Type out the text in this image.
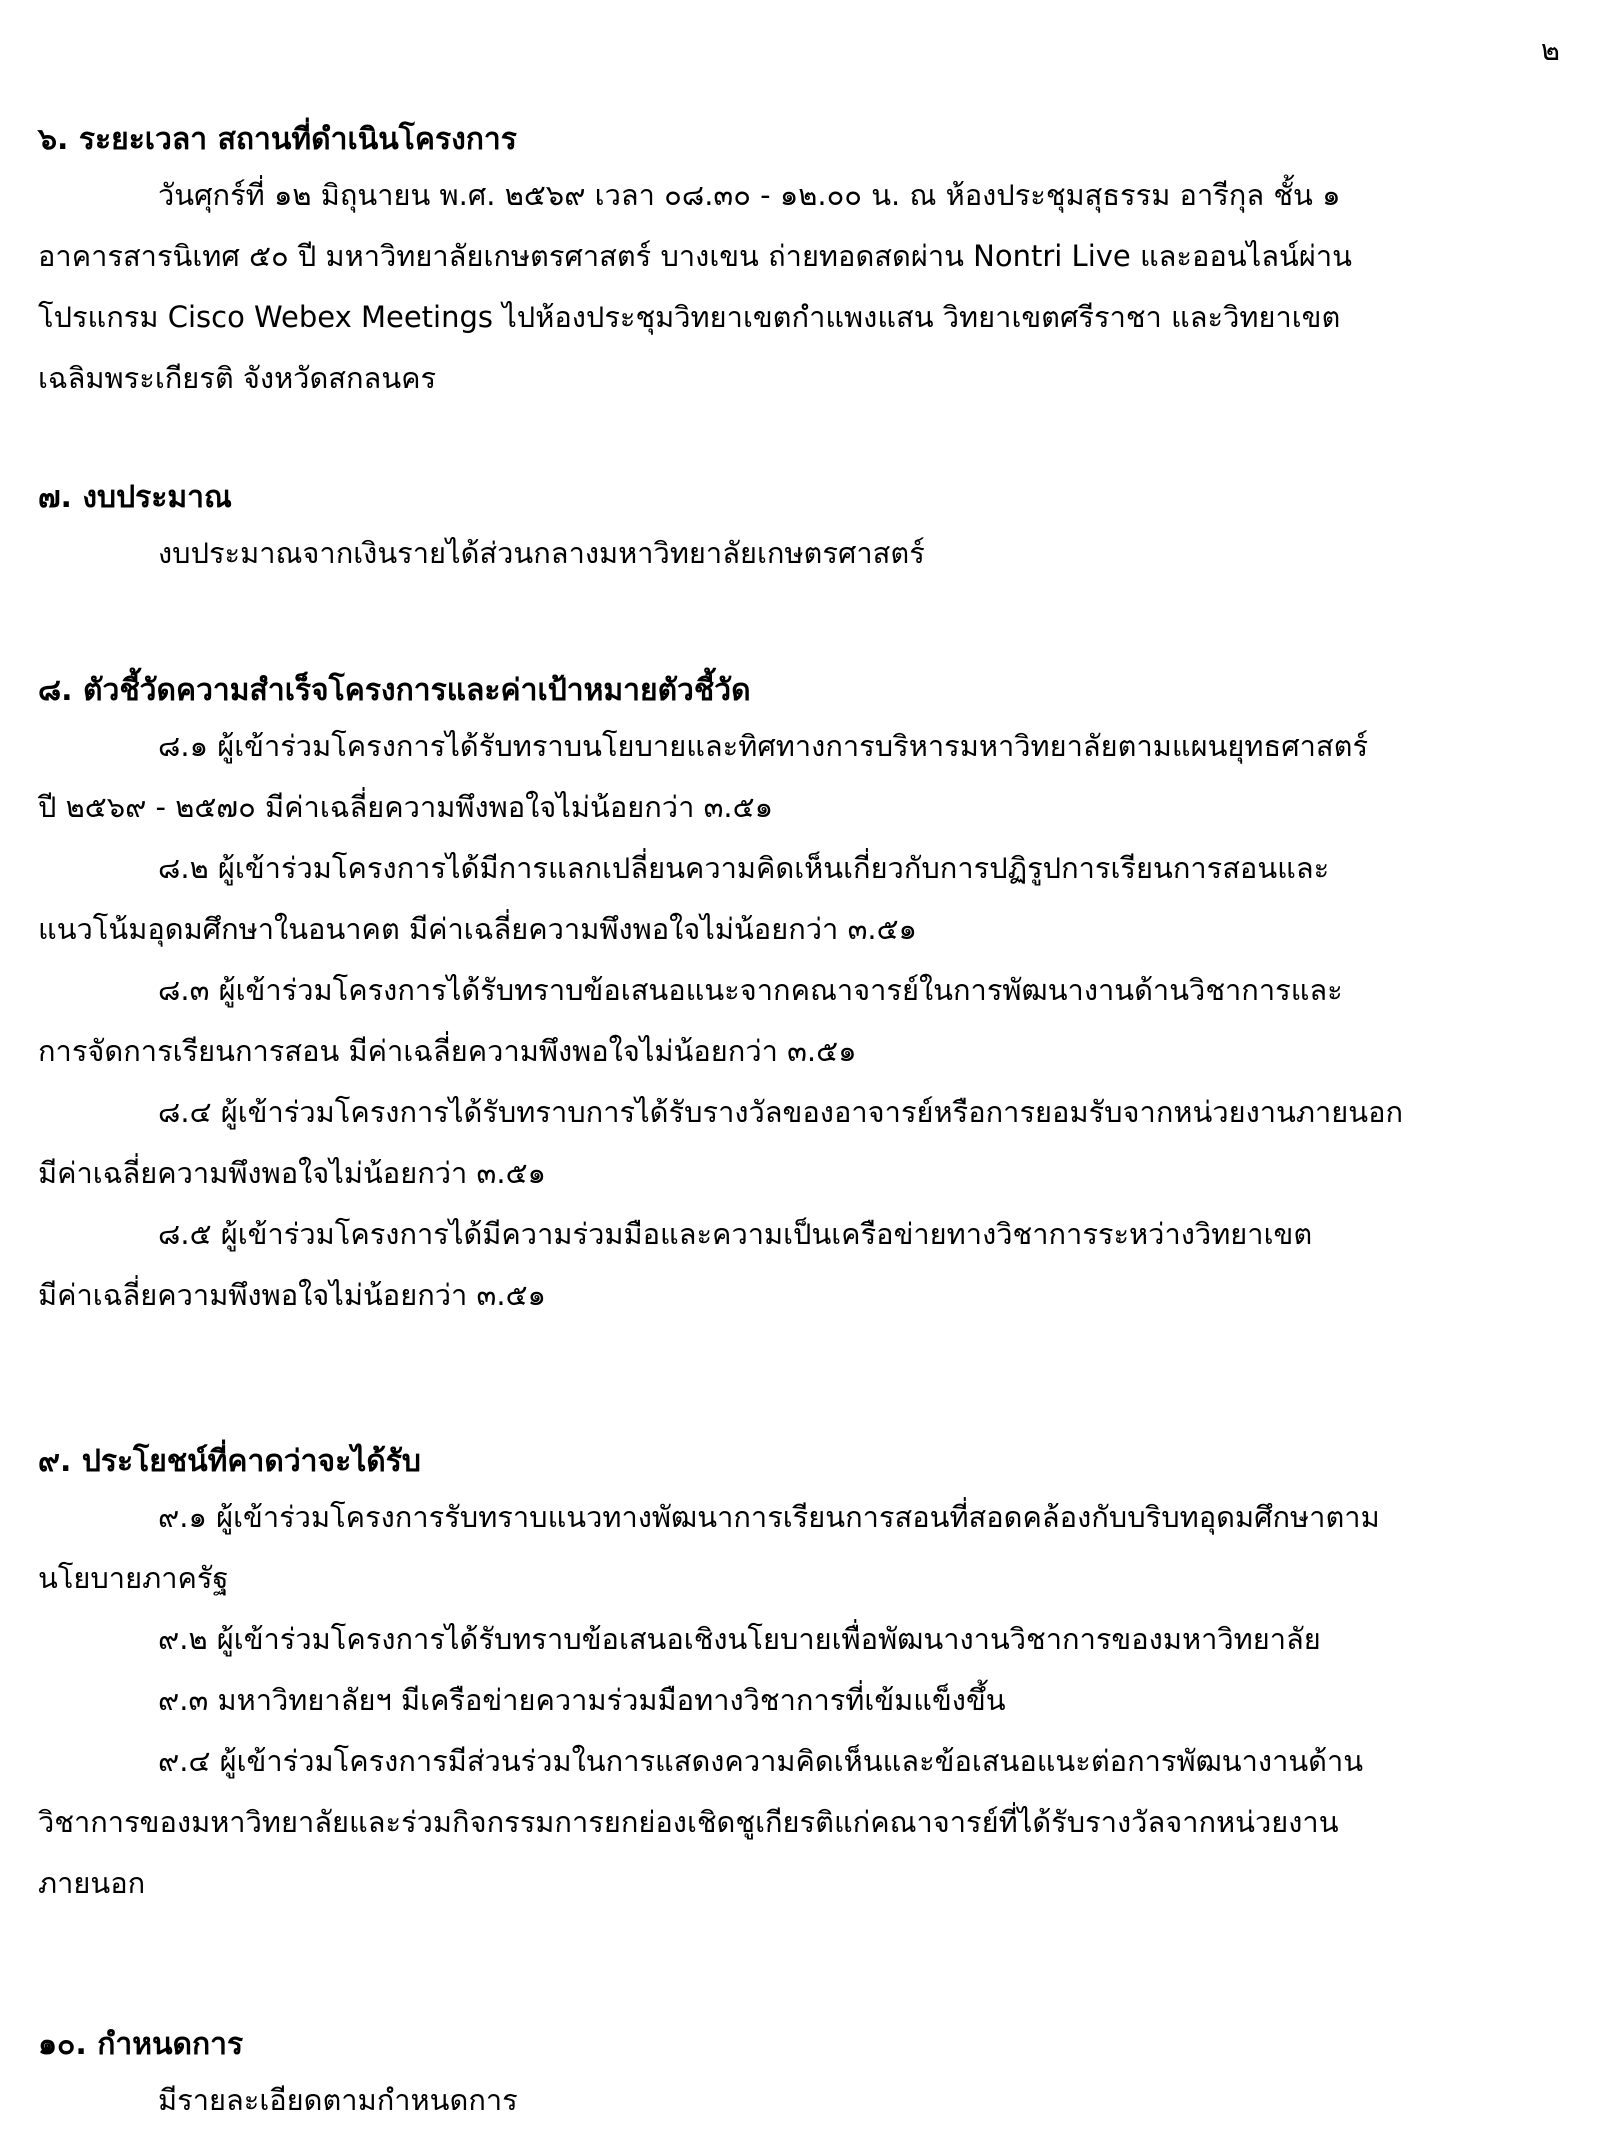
๒
๖. ระยะเวลา สถานที่ดำเนินโครงการ
วันศุกร์ที่ ๑๒ มิถุนายน พ.ศ. ๒๕๖๙ เวลา ๐๘.๓๐ - ๑๒.๐๐ น. ณ ห้องประชุมสุธรรม อารีกุล ชั้น ๑
อาคารสารนิเทศ ๕๐ ปี มหาวิทยาลัยเกษตรศาสตร์ บางเขน ถ่ายทอดสดผ่าน Nontri Live และออนไลน์ผ่าน
โปรแกรม Cisco Webex Meetings ไปห้องประชุมวิทยาเขตกำแพงแสน วิทยาเขตศรีราชา และวิทยาเขต
เฉลิมพระเกียรติ จังหวัดสกลนคร
๗. งบประมาณ
งบประมาณจากเงินรายได้ส่วนกลางมหาวิทยาลัยเกษตรศาสตร์
๘. ตัวชี้วัดความสำเร็จโครงการและค่าเป้าหมายตัวชี้วัด
๘.๑ ผู้เข้าร่วมโครงการได้รับทราบนโยบายและทิศทางการบริหารมหาวิทยาลัยตามแผนยุทธศาสตร์
ปี ๒๕๖๙ - ๒๕๗๐ มีค่าเฉลี่ยความพึงพอใจไม่น้อยกว่า ๓.๕๑
๘.๒ ผู้เข้าร่วมโครงการได้มีการแลกเปลี่ยนความคิดเห็นเกี่ยวกับการปฏิรูปการเรียนการสอนและ
แนวโน้มอุดมศึกษาในอนาคต มีค่าเฉลี่ยความพึงพอใจไม่น้อยกว่า ๓.๕๑
๘.๓ ผู้เข้าร่วมโครงการได้รับทราบข้อเสนอแนะจากคณาจารย์ในการพัฒนางานด้านวิชาการและ
การจัดการเรียนการสอน มีค่าเฉลี่ยความพึงพอใจไม่น้อยกว่า ๓.๕๑
๘.๔ ผู้เข้าร่วมโครงการได้รับทราบการได้รับรางวัลของอาจารย์หรือการยอมรับจากหน่วยงานภายนอก
มีค่าเฉลี่ยความพึงพอใจไม่น้อยกว่า ๓.๕๑
๘.๕ ผู้เข้าร่วมโครงการได้มีความร่วมมือและความเป็นเครือข่ายทางวิชาการระหว่างวิทยาเขต
มีค่าเฉลี่ยความพึงพอใจไม่น้อยกว่า ๓.๕๑
๙. ประโยชน์ที่คาดว่าจะได้รับ
๙.๑ ผู้เข้าร่วมโครงการรับทราบแนวทางพัฒนาการเรียนการสอนที่สอดคล้องกับบริบทอุดมศึกษาตาม
นโยบายภาครัฐ
๙.๒ ผู้เข้าร่วมโครงการได้รับทราบข้อเสนอเชิงนโยบายเพื่อพัฒนางานวิชาการของมหาวิทยาลัย
๙.๓ มหาวิทยาลัยฯ มีเครือข่ายความร่วมมือทางวิชาการที่เข้มแข็งขึ้น
๙.๔ ผู้เข้าร่วมโครงการมีส่วนร่วมในการแสดงความคิดเห็นและข้อเสนอแนะต่อการพัฒนางานด้าน
วิชาการของมหาวิทยาลัยและร่วมกิจกรรมการยกย่องเชิดชูเกียรติแก่คณาจารย์ที่ได้รับรางวัลจากหน่วยงาน
ภายนอก
๑๐. กำหนดการ
มีรายละเอียดตามกำหนดการ
